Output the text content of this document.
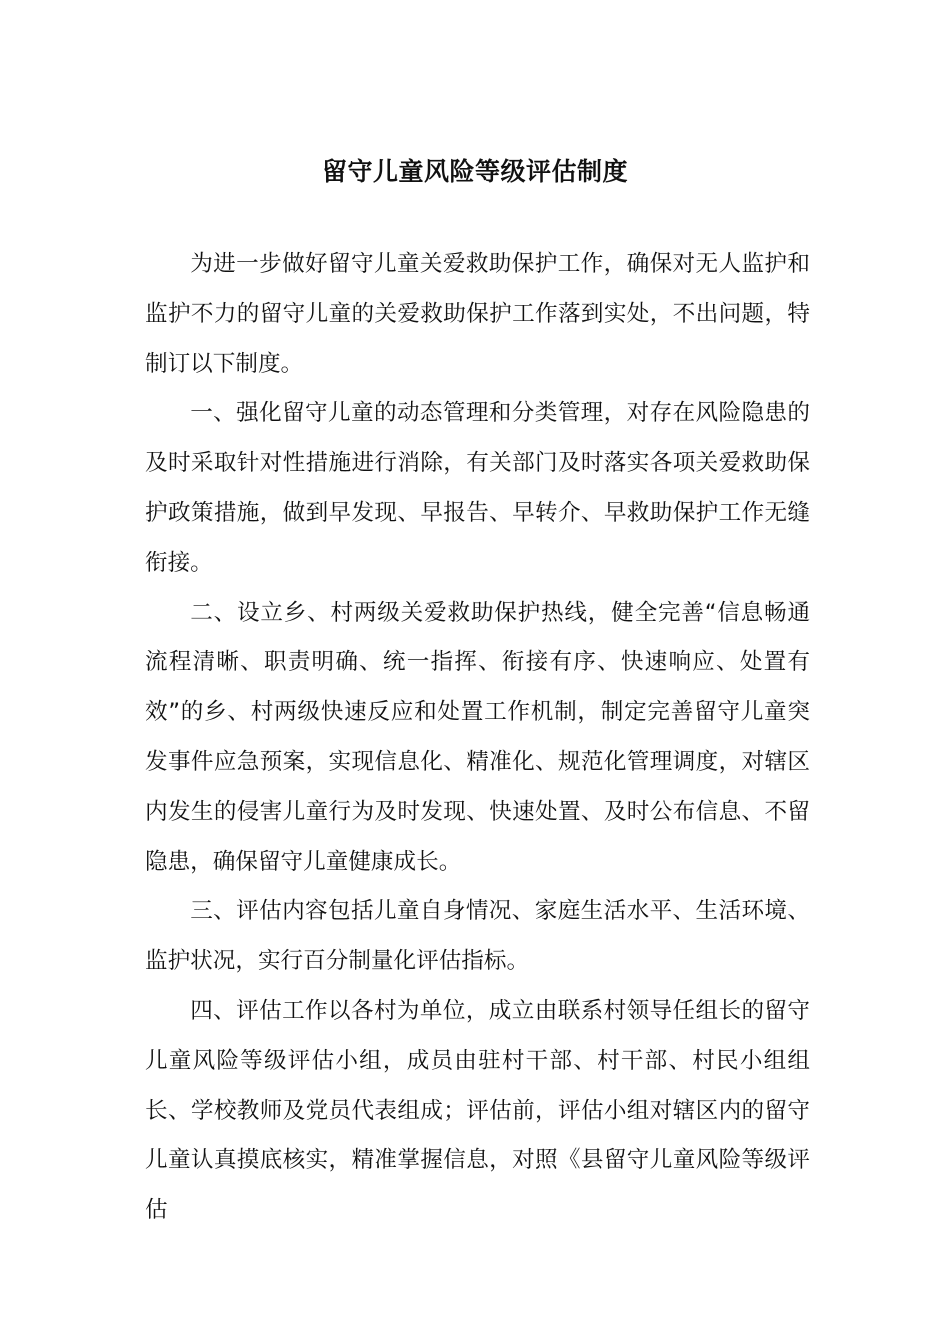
留守儿童风险等级评估制度

为进一步做好留守儿童关爱救助保护工作，确保对无人监护和监护不力的留守儿童的关爱救助保护工作落到实处，不出问题，特制订以下制度。

一、强化留守儿童的动态管理和分类管理，对存在风险隐患的及时采取针对性措施进行消除，有关部门及时落实各项关爱救助保护政策措施，做到早发现、早报告、早转介、早救助保护工作无缝衔接。

二、设立乡、村两级关爱救助保护热线，健全完善“信息畅通流程清晰、职责明确、统一指挥、衔接有序、快速响应、处置有效”的乡、村两级快速反应和处置工作机制，制定完善留守儿童突发事件应急预案，实现信息化、精准化、规范化管理调度，对辖区内发生的侵害儿童行为及时发现、快速处置、及时公布信息、不留隐患，确保留守儿童健康成长。

三、评估内容包括儿童自身情况、家庭生活水平、生活环境、监护状况，实行百分制量化评估指标。

四、评估工作以各村为单位，成立由联系村领导任组长的留守儿童风险等级评估小组，成员由驻村干部、村干部、村民小组组长、学校教师及党员代表组成；评估前，评估小组对辖区内的留守儿童认真摸底核实，精准掌握信息，对照《县留守儿童风险等级评估
